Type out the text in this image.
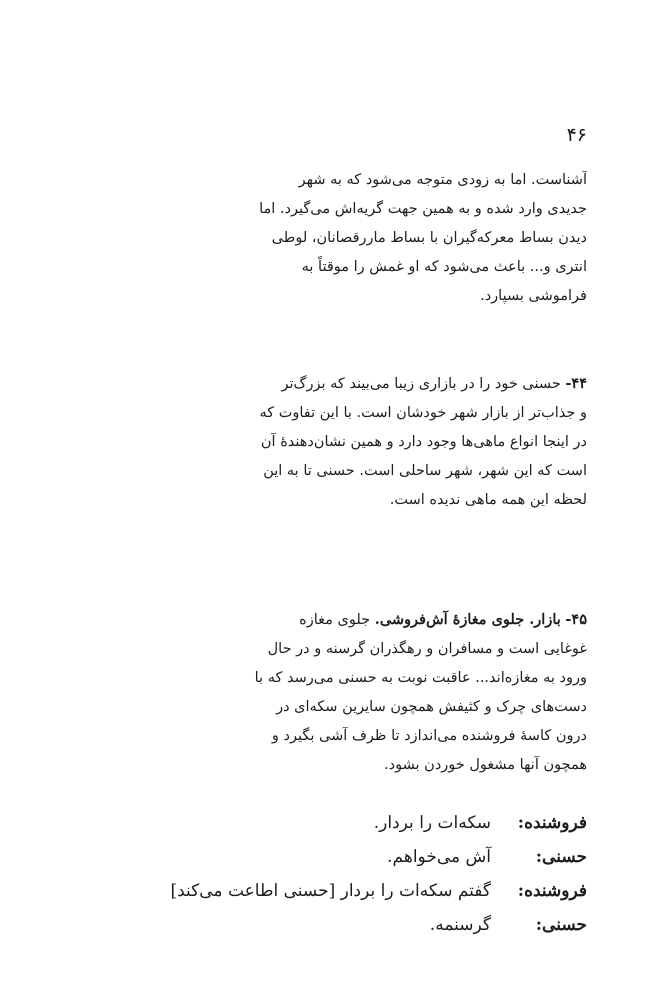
۴۶
آشناست. اما به زودی متوجه می‌شود که به شهر
جدیدی وارد شده و به همین جهت گریه‌اش می‌گیرد. اما
دیدن بساط معرکه‌گیران با بساط ماررقصانان، لوطی
انتری و... باعث می‌شود که او غمش را موقتاً به
فراموشی بسپارد.
۴۴- حسنی خود را در بازاری زیبا می‌بیند که بزرگ‌تر
و جذاب‌تر از بازار شهر خودشان است. با این تفاوت که
در اینجا انواع ماهی‌ها وجود دارد و همین نشان‌دهندهٔ آن
است که این شهر، شهر ساحلی است. حسنی تا به این
لحظه این همه ماهی ندیده است.
۴۵- بازار. جلوی مغازهٔ آش‌فروشی. جلوی مغازه
غوغایی است و مسافران و رهگذران گرسنه و در حال
ورود به مغازه‌اند... عاقبت نوبت به حسنی می‌رسد که با
دست‌های چرک و کثیفش همچون سایرین سکه‌ای در
درون کاسهٔ فروشنده می‌اندازد تا ظرف آشی بگیرد و
همچون آنها مشغول خوردن بشود.
فروشنده:
سکه‌ات را بردار.
حسنی:
آش می‌خواهم.
فروشنده:
گفتم سکه‌ات را بردار [حسنی اطاعت می‌کند]
حسنی:
گرسنمه.
